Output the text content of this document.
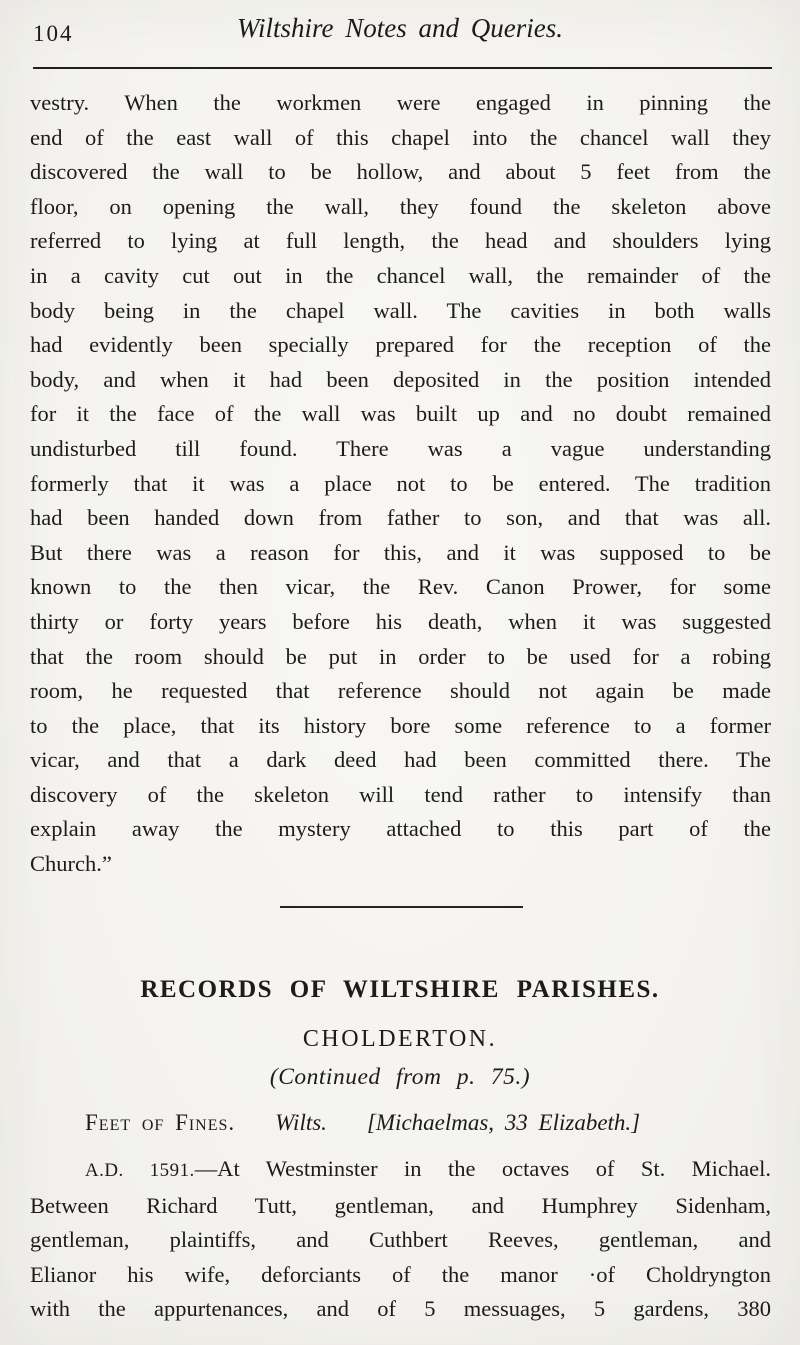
104	Wiltshire Notes and Queries.
vestry. When the workmen were engaged in pinning the
end of the east wall of this chapel into the chancel wall they
discovered the wall to be hollow, and about 5 feet from the
floor, on opening the wall, they found the skeleton above
referred to lying at full length, the head and shoulders lying
in a cavity cut out in the chancel wall, the remainder of the
body being in the chapel wall. The cavities in both walls
had evidently been specially prepared for the reception of the
body, and when it had been deposited in the position intended
for it the face of the wall was built up and no doubt remained
undisturbed till found. There was a vague understanding
formerly that it was a place not to be entered. The tradition
had been handed down from father to son, and that was all.
But there was a reason for this, and it was supposed to be
known to the then vicar, the Rev. Canon Prower, for some
thirty or forty years before his death, when it was suggested
that the room should be put in order to be used for a robing
room, he requested that reference should not again be made
to the place, that its history bore some reference to a former
vicar, and that a dark deed had been committed there. The
discovery of the skeleton will tend rather to intensify than
explain away the mystery attached to this part of the
Church.”
RECORDS OF WILTSHIRE PARISHES.
CHOLDERTON.
(Continued from p. 75.)
Feet of Fines. Wilts. [Michaelmas, 33 Elizabeth.]
A.D. 1591.—At Westminster in the octaves of St. Michael.
Between Richard Tutt, gentleman, and Humphrey Sidenham,
gentleman, plaintiffs, and Cuthbert Reeves, gentleman, and
Elianor his wife, deforciants of the manor ·of Choldryngton
with the appurtenances, and of 5 messuages, 5 gardens, 380
